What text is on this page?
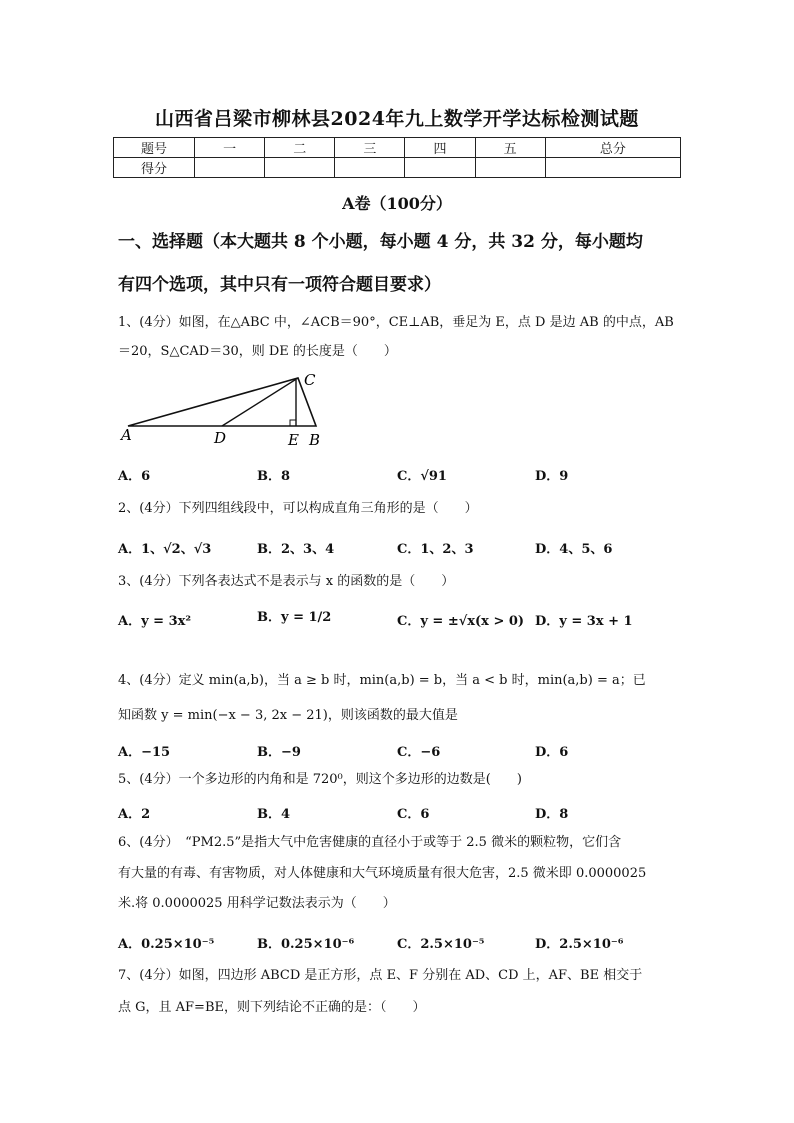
山西省吕梁市柳林县2024年九上数学开学达标检测试题
题号	一	二	三	四	五	总分
得分						
A卷（100分）
一、选择题（本大题共 8 个小题，每小题 4 分，共 32 分，每小题均
有四个选项，其中只有一项符合题目要求）
1、(4分）如图，在△ABC 中，∠ACB＝90°，CE⊥AB，垂足为 E，点 D 是边 AB 的中点，AB
＝20，S△CAD＝30，则 DE 的长度是（　　）
A	D	E B
C
A．6	B．8	C．√91	D．9
2、(4分）下列四组线段中，可以构成直角三角形的是（　　）
A．1、√2、√3	B．2、3、4	C．1、2、3	D．4、5、6
3、(4分）下列各表达式不是表示与 x 的函数的是（　　）
A．y = 3x²	B．y = 1/2	C．y = ±√x(x > 0) D．y = 3x + 1
4、(4分）定义 min(a,b)，当 a ≥ b 时，min(a,b) = b，当 a < b 时，min(a,b) = a；已
知函数 y = min(−x − 3, 2x − 21)，则该函数的最大值是
A．−15	B．−9	C．−6	D．6
5、(4分）一个多边形的内角和是 720⁰，则这个多边形的边数是(　　)
A．2	B．4	C．6	D．8
6、(4分）　“PM2.5”是指大气中危害健康的直径小于或等于 2.5 微米的颗粒物，它们含
有大量的有毒、有害物质，对人体健康和大气环境质量有很大危害，2.5 微米即 0.0000025
米.将 0.0000025 用科学记数法表示为（　　）
A．0.25×10⁻⁵	B．0.25×10⁻⁶	C．2.5×10⁻⁵	D．2.5×10⁻⁶
7、(4分）如图，四边形 ABCD 是正方形，点 E、F 分别在 AD、CD 上，AF、BE 相交于
点 G，且 AF=BE，则下列结论不正确的是：（　　）
